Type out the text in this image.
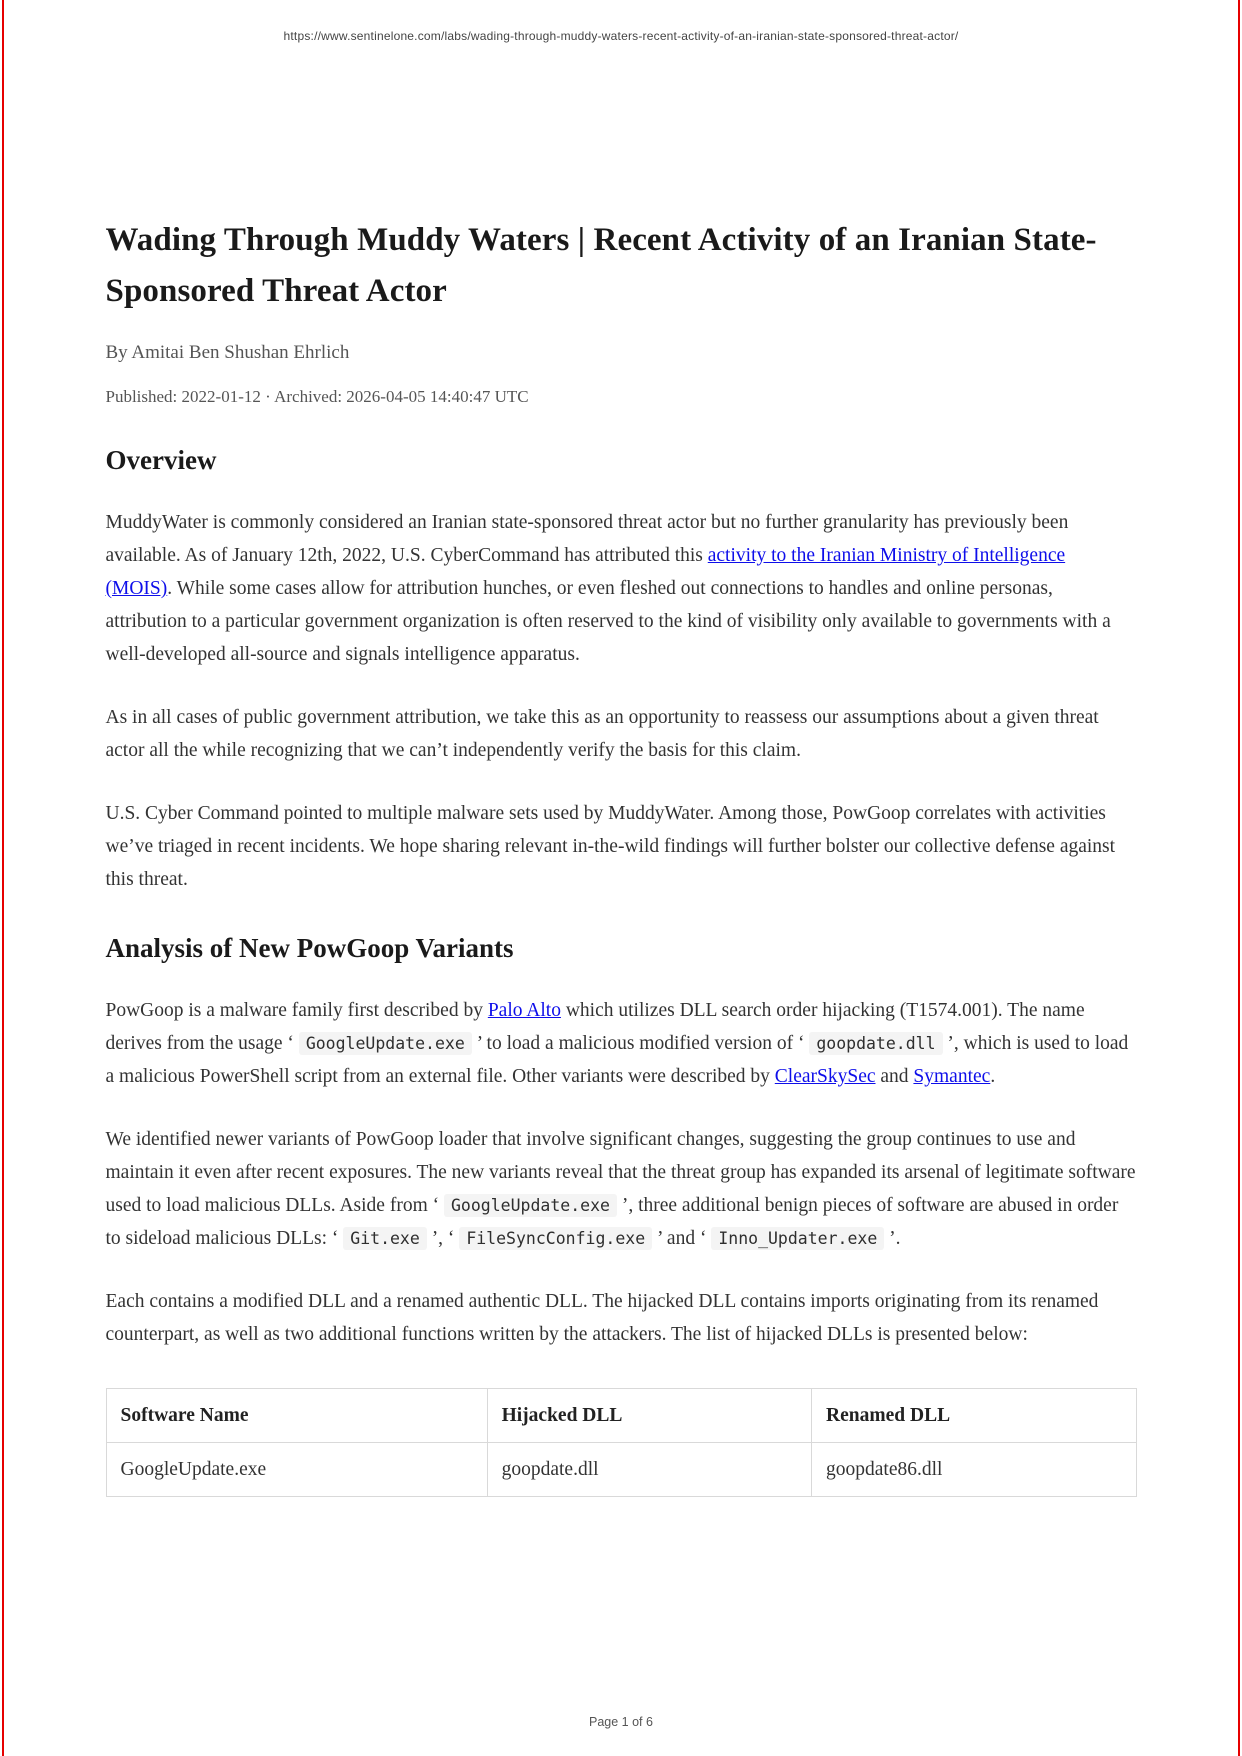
https://www.sentinelone.com/labs/wading-through-muddy-waters-recent-activity-of-an-iranian-state-sponsored-threat-actor/
Wading Through Muddy Waters | Recent Activity of an Iranian State-Sponsored Threat Actor
By Amitai Ben Shushan Ehrlich
Published: 2022-01-12 · Archived: 2026-04-05 14:40:47 UTC
Overview

MuddyWater is commonly considered an Iranian state-sponsored threat actor but no further granularity has previously been available. As of January 12th, 2022, U.S. CyberCommand has attributed this activity to the Iranian Ministry of Intelligence (MOIS). While some cases allow for attribution hunches, or even fleshed out connections to handles and online personas, attribution to a particular government organization is often reserved to the kind of visibility only available to governments with a well-developed all-source and signals intelligence apparatus.

As in all cases of public government attribution, we take this as an opportunity to reassess our assumptions about a given threat actor all the while recognizing that we can’t independently verify the basis for this claim.

U.S. Cyber Command pointed to multiple malware sets used by MuddyWater. Among those, PowGoop correlates with activities we’ve triaged in recent incidents. We hope sharing relevant in-the-wild findings will further bolster our collective defense against this threat.

Analysis of New PowGoop Variants

PowGoop is a malware family first described by Palo Alto which utilizes DLL search order hijacking (T1574.001). The name derives from the usage ‘ GoogleUpdate.exe ’ to load a malicious modified version of ‘ goopdate.dll ’, which is used to load a malicious PowerShell script from an external file. Other variants were described by ClearSkySec and Symantec.

We identified newer variants of PowGoop loader that involve significant changes, suggesting the group continues to use and maintain it even after recent exposures. The new variants reveal that the threat group has expanded its arsenal of legitimate software used to load malicious DLLs. Aside from ‘ GoogleUpdate.exe ’, three additional benign pieces of software are abused in order to sideload malicious DLLs: ‘ Git.exe ’, ‘ FileSyncConfig.exe ’ and ‘ Inno_Updater.exe ’.

Each contains a modified DLL and a renamed authentic DLL. The hijacked DLL contains imports originating from its renamed counterpart, as well as two additional functions written by the attackers. The list of hijacked DLLs is presented below:

Software Name	Hijacked DLL	Renamed DLL
GoogleUpdate.exe	goopdate.dll	goopdate86.dll
Page 1 of 6
